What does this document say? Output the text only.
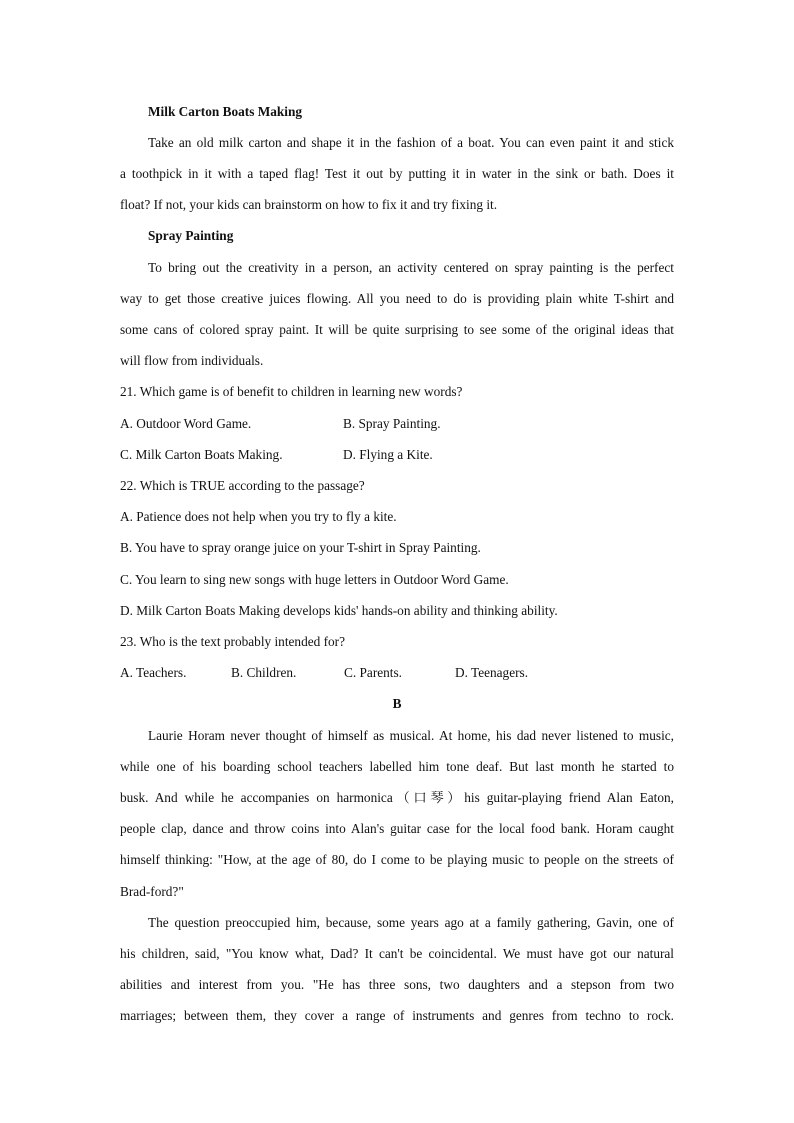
Milk Carton Boats Making
Take an old milk carton and shape it in the fashion of a boat. You can even paint it and stick
a toothpick in it with a taped flag! Test it out by putting it in water in the sink or bath. Does it
float? If not, your kids can brainstorm on how to fix it and try fixing it.
Spray Painting
To bring out the creativity in a person, an activity centered on spray painting is the perfect
way to get those creative juices flowing. All you need to do is providing plain white T-shirt and
some cans of colored spray paint. It will be quite surprising to see some of the original ideas that
will flow from individuals.
21. Which game is of benefit to children in learning new words?
A. Outdoor Word Game.	B. Spray Painting.
C. Milk Carton Boats Making.	D. Flying a Kite.
22. Which is TRUE according to the passage?
A. Patience does not help when you try to fly a kite.
B. You have to spray orange juice on your T-shirt in Spray Painting.
C. You learn to sing new songs with huge letters in Outdoor Word Game.
D. Milk Carton Boats Making develops kids' hands-on ability and thinking ability.
23. Who is the text probably intended for?
A. Teachers.	B. Children.	C. Parents.	D. Teenagers.
B
Laurie Horam never thought of himself as musical. At home, his dad never listened to music,
while one of his boarding school teachers labelled him tone deaf. But last month he started to
busk. And while he accompanies on harmonica（口琴）his guitar-playing friend Alan Eaton,
people clap, dance and throw coins into Alan's guitar case for the local food bank. Horam caught
himself thinking: "How, at the age of 80, do I come to be playing music to people on the streets of
Brad-ford?"
The question preoccupied him, because, some years ago at a family gathering, Gavin, one of
his children, said, "You know what, Dad? It can't be coincidental. We must have got our natural
abilities and interest from you. "He has three sons, two daughters and a stepson from two
marriages; between them, they cover a range of instruments and genres from techno to rock.
